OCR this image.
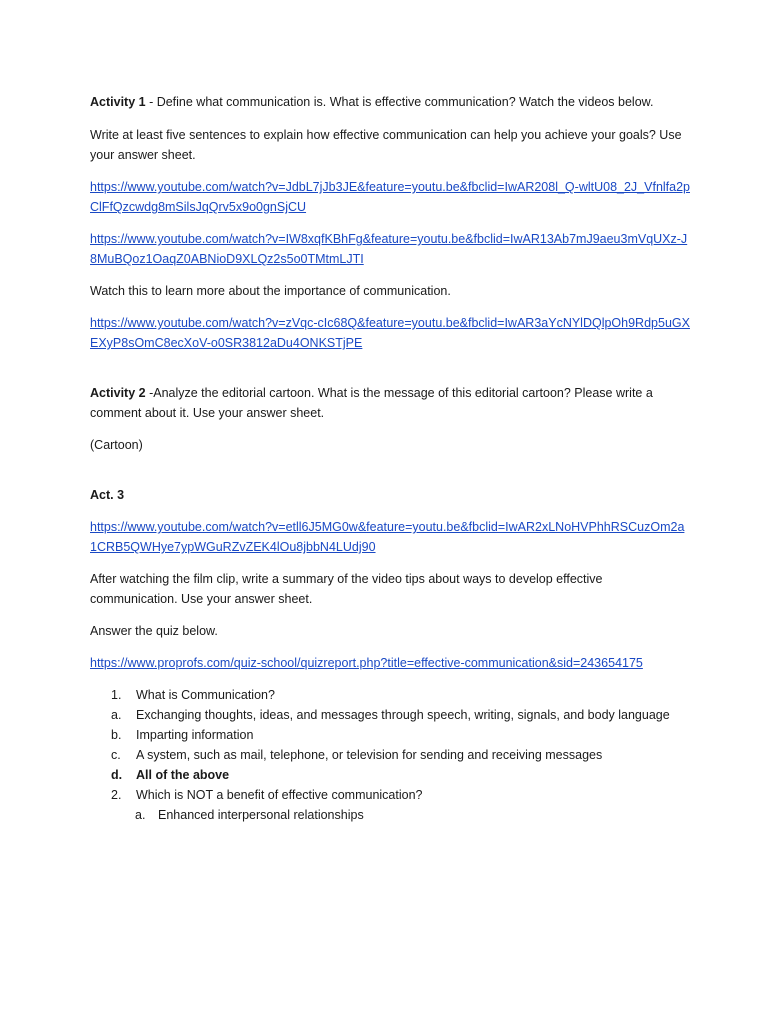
Activity 1 - Define what communication is. What is effective communication? Watch the videos below.

Write at least five sentences to explain how effective communication can help you achieve your goals? Use your answer sheet.

https://www.youtube.com/watch?v=JdbL7jJb3JE&feature=youtu.be&fbclid=IwAR208l_Q-wltU08_2J_Vfnlfa2pClFfQzcwdg8mSilsJqQrv5x9o0gnSjCU

https://www.youtube.com/watch?v=IW8xqfKBhFg&feature=youtu.be&fbclid=IwAR13Ab7mJ9aeu3mVqUXz-J8MuBQoz1OaqZ0ABNioD9XLQz2s5o0TMtmLJTI

Watch this to learn more about the importance of communication.

https://www.youtube.com/watch?v=zVqc-cIc68Q&feature=youtu.be&fbclid=IwAR3aYcNYlDQlpOh9Rdp5uGXEXyP8sOmC8ecXoV-o0SR3812aDu4ONKSTjPE

Activity 2 -Analyze the editorial cartoon. What is the message of this editorial cartoon? Please write a comment about it. Use your answer sheet.

(Cartoon)

Act. 3

https://www.youtube.com/watch?v=etll6J5MG0w&feature=youtu.be&fbclid=IwAR2xLNoHVPhhRSCuzOm2a1CRB5QWHye7ypWGuRZvZEK4lOu8jbbN4LUdj90

After watching the film clip, write a summary of the video tips about ways to develop effective communication. Use your answer sheet.

Answer the quiz below.

https://www.proprofs.com/quiz-school/quizreport.php?title=effective-communication&sid=243654175

1.	What is Communication?
a.	Exchanging thoughts, ideas, and messages through speech, writing, signals, and body language
b.	Imparting information
c.	A system, such as mail, telephone, or television for sending and receiving messages
d.	All of the above
2.	Which is NOT a benefit of effective communication?
a.	Enhanced interpersonal relationships
